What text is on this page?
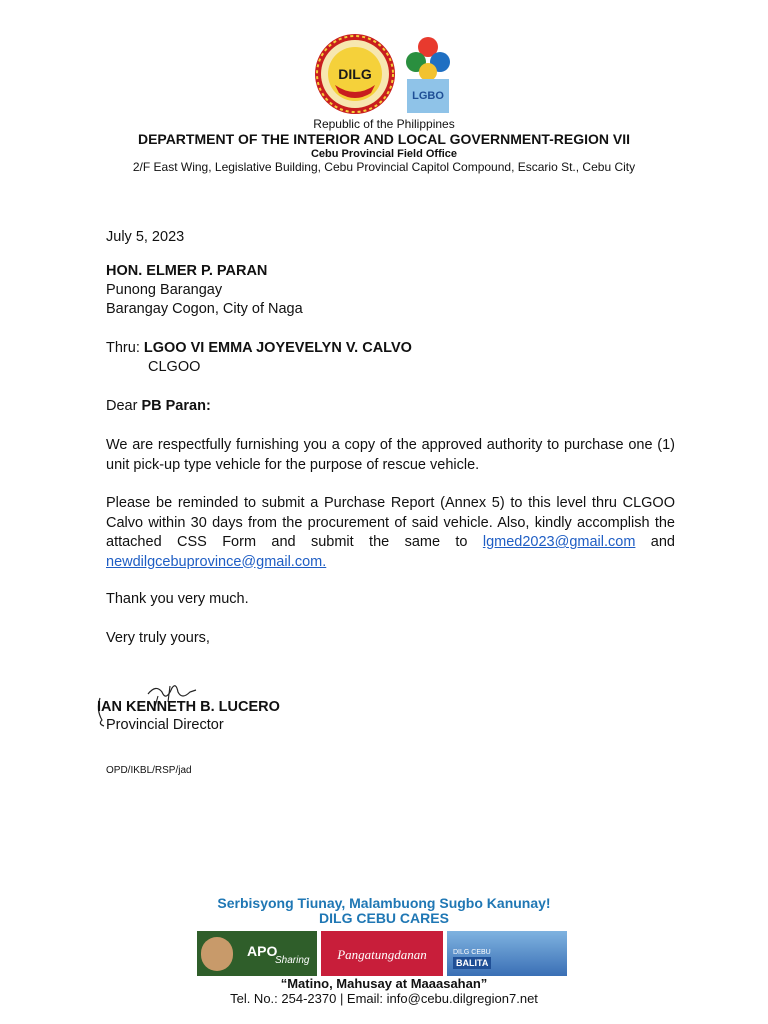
DILG
LGBO
Republic of the Philippines
DEPARTMENT OF THE INTERIOR AND LOCAL GOVERNMENT-REGION VII
Cebu Provincial Field Office
2/F East Wing, Legislative Building, Cebu Provincial Capitol Compound, Escario St., Cebu City
July 5, 2023
HON. ELMER P. PARAN
Punong Barangay
Barangay Cogon, City of Naga
Thru: LGOO VI EMMA JOYEVELYN V. CALVO
CLGOO
Dear PB Paran:
We are respectfully furnishing you a copy of the approved authority to purchase one (1) unit pick-up type vehicle for the purpose of rescue vehicle.
Please be reminded to submit a Purchase Report (Annex 5) to this level thru CLGOO Calvo within 30 days from the procurement of said vehicle. Also, kindly accomplish the attached CSS Form and submit the same to lgmed2023@gmail.com and newdilgcebuprovince@gmail.com.
Thank you very much.
Very truly yours,
IAN KENNETH B. LUCERO
Provincial Director
OPD/IKBL/RSP/jad
Serbisyong Tiunay, Malambuong Sugbo Kanunay!
DILG CEBU CARES
APO
Sharing	Pangatungdanan	DILG CEBU
BALITA
“Matino, Mahusay at Maaasahan”
Tel. No.: 254-2370 | Email: info@cebu.dilgregion7.net
